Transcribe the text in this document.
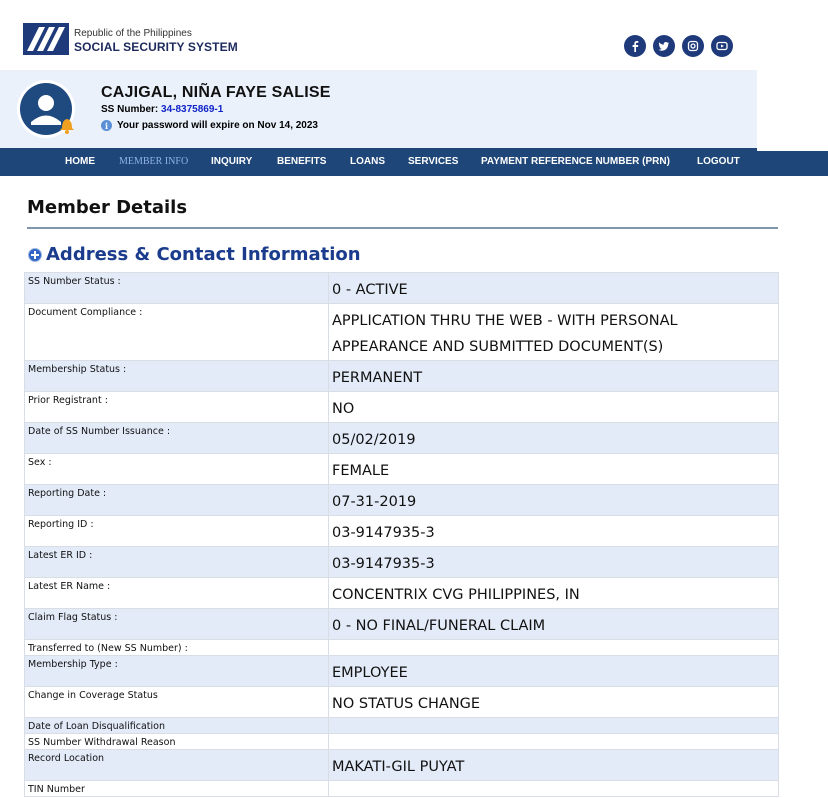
Republic of the Philippines
SOCIAL SECURITY SYSTEM
CAJIGAL, NIÑA FAYE SALISE
SS Number: 34-8375869-1
i Your password will expire on Nov 14, 2023
HOME MEMBER INFO INQUIRY BENEFITS LOANS SERVICES PAYMENT REFERENCE NUMBER (PRN)	LOGOUT
Member Details
Address & Contact Information
SS Number Status :	0 - ACTIVE
Document Compliance :	APPLICATION THRU THE WEB - WITH PERSONAL APPEARANCE AND SUBMITTED DOCUMENT(S)
Membership Status :	PERMANENT
Prior Registrant :	NO
Date of SS Number Issuance :	05/02/2019
Sex :	FEMALE
Reporting Date :	07-31-2019
Reporting ID :	03-9147935-3
Latest ER ID :	03-9147935-3
Latest ER Name :	CONCENTRIX CVG PHILIPPINES, IN
Claim Flag Status :	0 - NO FINAL/FUNERAL CLAIM
Transferred to (New SS Number) :	
Membership Type :	EMPLOYEE
Change in Coverage Status	NO STATUS CHANGE
Date of Loan Disqualification	
SS Number Withdrawal Reason	
Record Location	MAKATI-GIL PUYAT
TIN Number	
